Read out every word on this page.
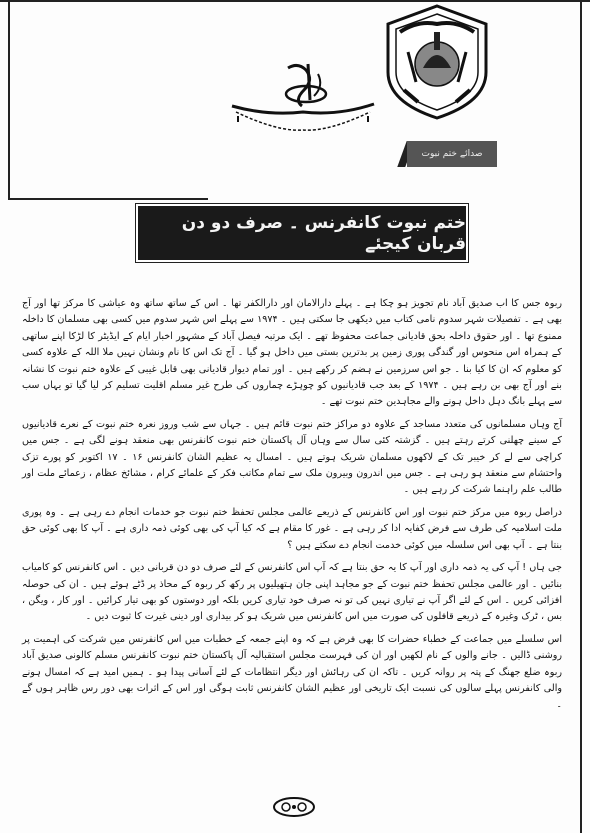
صدائے ختم نبوت
ختم نبوت کانفرنس ۔ صرف دو دن قربان کیجئے

ربوہ جس کا اب صدیق آباد نام تجویز ہو چکا ہے ۔ پہلے دارالامان اور دارالکفر تھا ۔ اس کے ساتھ ساتھ وہ عیاشی کا مرکز تھا اور آج بھی ہے ۔ تفصیلات شہر سدوم نامی کتاب میں دیکھی جا سکتی ہیں ۔ ۱۹۷۴ سے پہلے اس شہر سدوم میں کسی بھی مسلمان کا داخلہ ممنوع تھا ۔ اور حقوق داخلہ بحق قادیانی جماعت محفوظ تھے ۔ ایک مرتبہ فیصل آباد کے مشہور اخبار ایام کے ایڈیٹر کا لڑکا اپنے ساتھی کے ہمراہ اس منحوس اور گندگی پوری زمین پر بدترین بستی میں داخل ہو گیا ۔ آج تک اس کا نام ونشان نہیں ملا اللہ کے علاوہ کسی کو معلوم کہ ان کا کیا بنا ۔ جو اس سرزمین نے ہضم کر رکھے ہیں ۔ اور تمام دیوار قادیانی بھی قابل غیبی کے علاوہ ختم نبوت کا نشانہ بنے اور آج بھی بن رہے ہیں ۔ ۱۹۷۴ کے بعد جب قادیانیوں کو چوہڑے چماروں کی طرح غیر مسلم اقلیت تسلیم کر لیا گیا تو یہاں سب سے پہلے بانگ دہل داخل ہونے والے مجاہدین ختم نبوت تھے ۔

آج وہاں مسلمانوں کی متعدد مساجد کے علاوہ دو مراکز ختم نبوت قائم ہیں ۔ جہاں سے شب وروز نعرہ ختم نبوت کے نعرے قادیانیوں کے سینے چھلنی کرتے رہتے ہیں ۔ گزشتہ کئی سال سے وہاں آل پاکستان ختم نبوت کانفرنس بھی منعقد ہونے لگی ہے ۔ جس میں کراچی سے لے کر خیبر تک کے لاکھوں مسلمان شریک ہوتے ہیں ۔ امسال یہ عظیم الشان کانفرنس ۱۶ ۔ ۱۷ اکتوبر کو پورے تزک واحتشام سے منعقد ہو رہی ہے ۔ جس میں اندرون وبیرون ملک سے تمام مکاتب فکر کے علمائے کرام ، مشائخ عظام ، زعمائے ملت اور طالب علم راہنما شرکت کر رہے ہیں ۔

دراصل ربوہ میں مرکز ختم نبوت اور اس کانفرنس کے ذریعے عالمی مجلس تحفظ ختم نبوت جو خدمات انجام دے رہی ہے ۔ وہ پوری ملت اسلامیہ کی طرف سے فرض کفایہ ادا کر رہی ہے ۔ غور کا مقام ہے کہ کیا آپ کی بھی کوئی ذمہ داری ہے ۔ آپ کا بھی کوئی حق بنتا ہے ۔ آپ بھی اس سلسلہ میں کوئی خدمت انجام دے سکتے ہیں ؟

جی ہاں ! آپ کی یہ ذمہ داری اور آپ کا یہ حق بنتا ہے کہ آپ اس کانفرنس کے لئے صرف دو دن قربانی دیں ۔ اس کانفرنس کو کامیاب بنائیں ۔ اور عالمی مجلس تحفظ ختم نبوت کے جو مجاہد اپنی جان ہتھیلیوں پر رکھ کر ربوہ کے محاذ پر ڈٹے ہوئے ہیں ۔ ان کی حوصلہ افزائی کریں ۔ اس کے لئے اگر آپ نے تیاری نہیں کی تو نہ صرف خود تیاری کریں بلکہ اور دوستوں کو بھی تیار کرائیں ۔ اور کار ، ویگن ، بس ، ٹرک وغیرہ کے ذریعے قافلوں کی صورت میں اس کانفرنس میں شریک ہو کر بیداری اور دینی غیرت کا ثبوت دیں ۔

اس سلسلے میں جماعت کے خطباء حضرات کا بھی فرض ہے کہ وہ اپنے جمعہ کے خطبات میں اس کانفرنس میں شرکت کی اہمیت پر روشنی ڈالیں ۔ جانے والوں کے نام لکھیں اور ان کی فہرست مجلس استقبالیہ آل پاکستان ختم نبوت کانفرنس مسلم کالونی صدیق آباد ربوہ ضلع جھنگ کے پتہ پر روانہ کریں ۔ تاکہ ان کی رہائش اور دیگر انتظامات کے لئے آسانی پیدا ہو ۔ ہمیں امید ہے کہ امسال ہونے والی کانفرنس پہلے سالوں کی نسبت ایک تاریخی اور عظیم الشان کانفرنس ثابت ہوگی اور اس کے اثرات بھی دور رس ظاہر ہوں گے ۔
